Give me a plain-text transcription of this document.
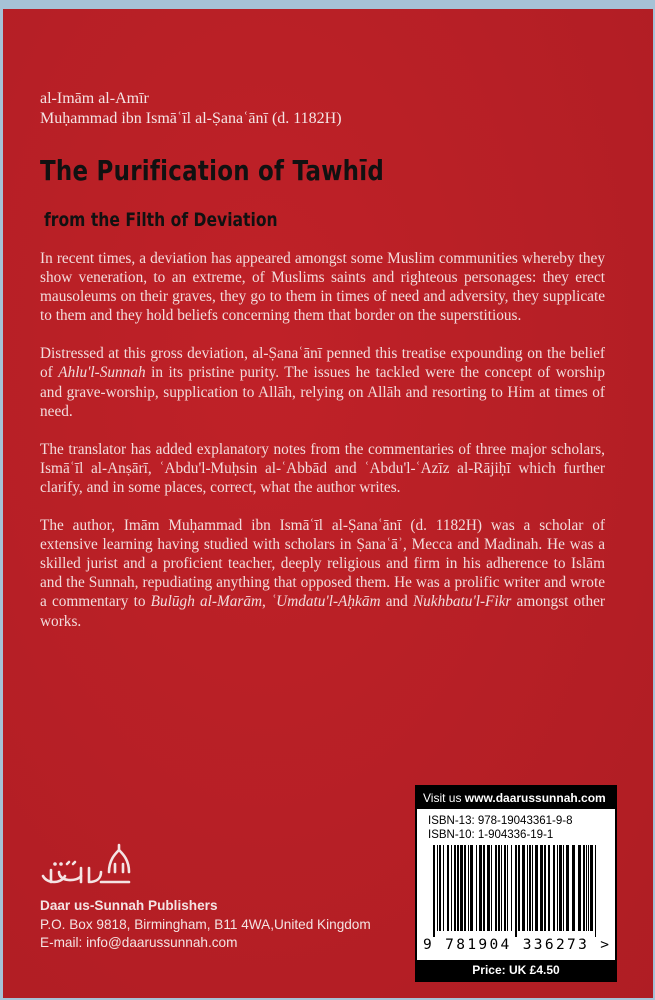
al-Imām al-Amīr
Muḥammad ibn Ismāʿīl al-Ṣanaʿānī (d. 1182H)
The Purification of Tawhīd
from the Filth of Deviation

In recent times, a deviation has appeared amongst some Muslim communities whereby they show veneration, to an extreme, of Muslims saints and righteous personages: they erect mausoleums on their graves, they go to them in times of need and adversity, they supplicate to them and they hold beliefs concerning them that border on the superstitious.

Distressed at this gross deviation, al-Ṣanaʿānī penned this treatise expounding on the belief of Ahlu'l-Sunnah in its pristine purity. The issues he tackled were the concept of worship and grave-worship, supplication to Allāh, relying on Allāh and resorting to Him at times of need.

The translator has added explanatory notes from the commentaries of three major scholars, Ismāʿīl al-Anṣārī, ʿAbdu'l-Muḥsin al-ʿAbbād and ʿAbdu'l-ʿAzīz al-Rājiḥī which further clarify, and in some places, correct, what the author writes.

The author, Imām Muḥammad ibn Ismāʿīl al-Ṣanaʿānī (d. 1182H) was a scholar of extensive learning having studied with scholars in Ṣanaʿāʾ, Mecca and Madinah. He was a skilled jurist and a proficient teacher, deeply religious and firm in his adherence to Islām and the Sunnah, repudiating anything that opposed them. He was a prolific writer and wrote a commentary to Bulūgh al-Marām, ʿUmdatu'l-Aḥkām and Nukhbatu'l-Fikr amongst other works.

Daar us-Sunnah Publishers
P.O. Box 9818, Birmingham, B11 4WA,United Kingdom
E-mail: info@daarussunnah.com
Visit us www.daarussunnah.com
ISBN-13: 978-19043361-9-8
ISBN-10: 1-904336-19-1
9 781904 336273 >
Price: UK £4.50
